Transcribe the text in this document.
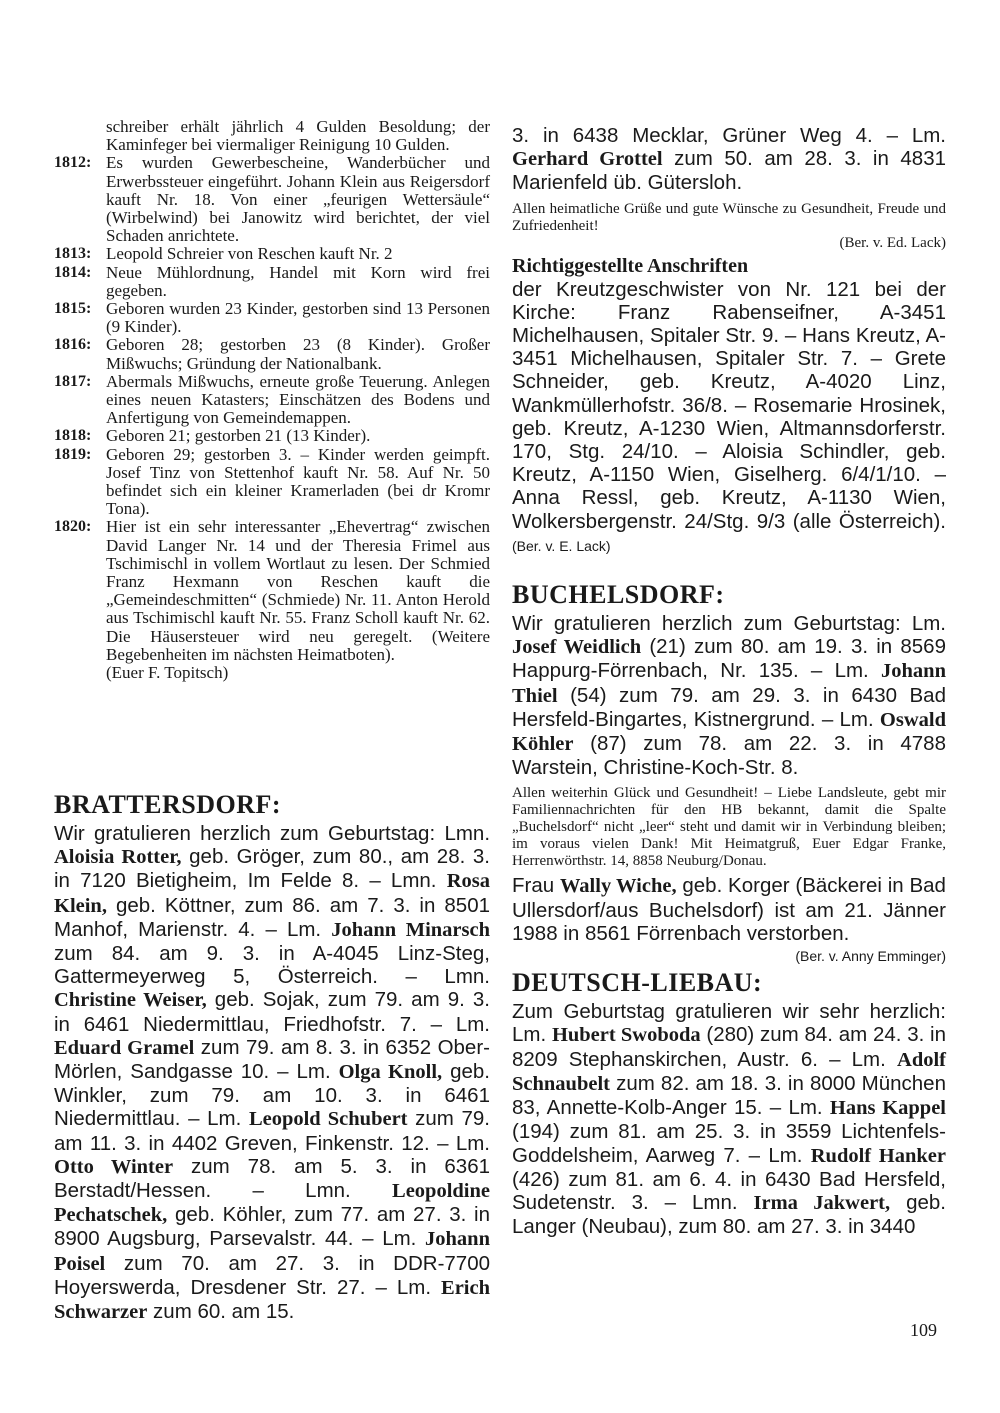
schreiber erhält jährlich 4 Gulden Besoldung; der Kaminfeger bei viermaliger Reinigung 10 Gulden.

1812: Es wurden Gewerbescheine, Wanderbücher und Erwerbssteuer eingeführt. Johann Klein aus Reigersdorf kauft Nr. 18. Von einer „feurigen Wettersäule“ (Wirbelwind) bei Janowitz wird berichtet, der viel Schaden anrichtete.
1813: Leopold Schreier von Reschen kauft Nr. 2
1814: Neue Mühlordnung, Handel mit Korn wird frei gegeben.
1815: Geboren wurden 23 Kinder, gestorben sind 13 Personen (9 Kinder).
1816: Geboren 28; gestorben 23 (8 Kinder). Großer Mißwuchs; Gründung der Nationalbank.
1817: Abermals Mißwuchs, erneute große Teuerung. Anlegen eines neuen Katasters; Einschätzen des Bodens und Anfertigung von Gemeindemappen.
1818: Geboren 21; gestorben 21 (13 Kinder).
1819: Geboren 29; gestorben 3. – Kinder werden geimpft. Josef Tinz von Stettenhof kauft Nr. 58. Auf Nr. 50 befindet sich ein kleiner Kramerladen (bei dr Kromr Tona).
1820: Hier ist ein sehr interessanter „Ehevertrag“ zwischen David Langer Nr. 14 und der Theresia Frimel aus Tschimischl in vollem Wortlaut zu lesen. Der Schmied Franz Hexmann von Reschen kauft die „Gemeindeschmitten“ (Schmiede) Nr. 11. Anton Herold aus Tschimischl kauft Nr. 55. Franz Scholl kauft Nr. 62. Die Häusersteuer wird neu geregelt. (Weitere Begebenheiten im nächsten Heimatboten).
(Euer F. Topitsch)
BRATTERSDORF:

Wir gratulieren herzlich zum Geburtstag: Lmn. Aloisia Rotter, geb. Gröger, zum 80., am 28. 3. in 7120 Bietigheim, Im Felde 8. – Lmn. Rosa Klein, geb. Köttner, zum 86. am 7. 3. in 8501 Manhof, Marienstr. 4. – Lm. Johann Minarsch zum 84. am 9. 3. in A-4045 Linz-Steg, Gattermeyerweg 5, Österreich. – Lmn. Christine Weiser, geb. Sojak, zum 79. am 9. 3. in 6461 Niedermittlau, Friedhofstr. 7. – Lm. Eduard Gramel zum 79. am 8. 3. in 6352 Ober-Mörlen, Sandgasse 10. – Lm. Olga Knoll, geb. Winkler, zum 79. am 10. 3. in 6461 Niedermittlau. – Lm. Leopold Schubert zum 79. am 11. 3. in 4402 Greven, Finkenstr. 12. – Lm. Otto Winter zum 78. am 5. 3. in 6361 Berstadt/Hessen. – Lmn. Leopoldine Pechatschek, geb. Köhler, zum 77. am 27. 3. in 8900 Augsburg, Parsevalstr. 44. – Lm. Johann Poisel zum 70. am 27. 3. in DDR-7700 Hoyerswerda, Dresdener Str. 27. – Lm. Erich Schwarzer zum 60. am 15.

3. in 6438 Mecklar, Grüner Weg 4. – Lm. Gerhard Grottel zum 50. am 28. 3. in 4831 Marienfeld üb. Gütersloh.

Allen heimatliche Grüße und gute Wünsche zu Gesundheit, Freude und Zufriedenheit!

(Ber. v. Ed. Lack)

Richtiggestellte Anschriften

der Kreutzgeschwister von Nr. 121 bei der Kirche: Franz Rabenseifner, A-3451 Michelhausen, Spitaler Str. 9. – Hans Kreutz, A-3451 Michelhausen, Spitaler Str. 7. – Grete Schneider, geb. Kreutz, A-4020 Linz, Wankmüllerhofstr. 36/8. – Rosemarie Hrosinek, geb. Kreutz, A-1230 Wien, Altmannsdorferstr. 170, Stg. 24/10. – Aloisia Schindler, geb. Kreutz, A-1150 Wien, Giselherg. 6/4/1/10. – Anna Ressl, geb. Kreutz, A-1130 Wien, Wolkersbergenstr. 24/Stg. 9/3 (alle Österreich). (Ber. v. E. Lack)

BUCHELSDORF:

Wir gratulieren herzlich zum Geburtstag: Lm. Josef Weidlich (21) zum 80. am 19. 3. in 8569 Happurg-Förrenbach, Nr. 135. – Lm. Johann Thiel (54) zum 79. am 29. 3. in 6430 Bad Hersfeld-Bingartes, Kistnergrund. – Lm. Oswald Köhler (87) zum 78. am 22. 3. in 4788 Warstein, Christine-Koch-Str. 8.

Allen weiterhin Glück und Gesundheit! – Liebe Landsleute, gebt mir Familiennachrichten für den HB bekannt, damit die Spalte „Buchelsdorf“ nicht „leer“ steht und damit wir in Verbindung bleiben; im voraus vielen Dank! Mit Heimatgruß, Euer Edgar Franke, Herrenwörthstr. 14, 8858 Neuburg/Donau.

Frau Wally Wiche, geb. Korger (Bäckerei in Bad Ullersdorf/aus Buchelsdorf) ist am 21. Jänner 1988 in 8561 Förrenbach verstorben.
(Ber. v. Anny Emminger)

DEUTSCH-LIEBAU:

Zum Geburtstag gratulieren wir sehr herzlich: Lm. Hubert Swoboda (280) zum 84. am 24. 3. in 8209 Stephanskirchen, Austr. 6. – Lm. Adolf Schnaubelt zum 82. am 18. 3. in 8000 München 83, Annette-Kolb-Anger 15. – Lm. Hans Kappel (194) zum 81. am 25. 3. in 3559 Lichtenfels-Goddelsheim, Aarweg 7. – Lm. Rudolf Hanker (426) zum 81. am 6. 4. in 6430 Bad Hersfeld, Sudetenstr. 3. – Lmn. Irma Jakwert, geb. Langer (Neubau), zum 80. am 27. 3. in 3440

109
